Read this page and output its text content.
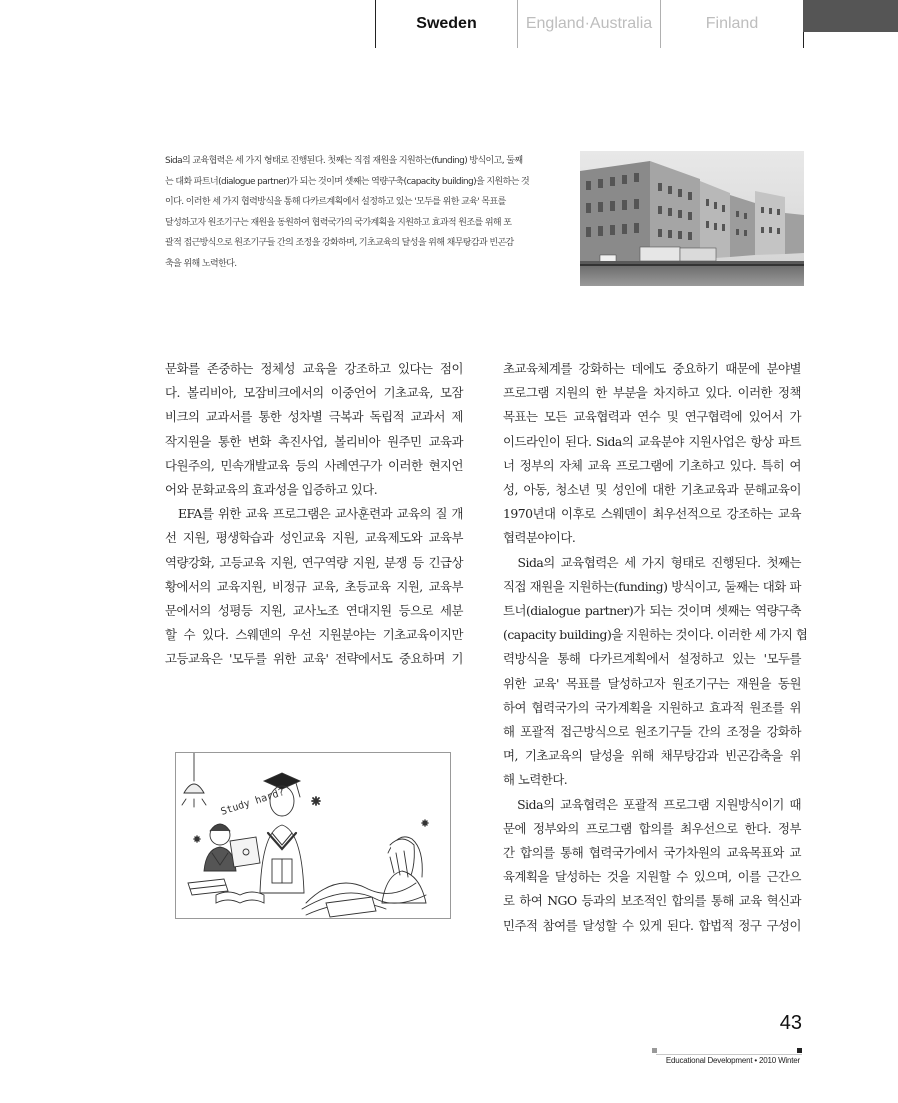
Sweden	England·Australia	Finland
Sida의 교육협력은 세 가지 형태로 진행된다. 첫째는 직접 재원을 지원하는(funding) 방식이고, 둘째
는 대화 파트너(dialogue partner)가 되는 것이며 셋째는 역량구축(capacity building)을 지원하는 것
이다. 이러한 세 가지 협력방식을 통해 다카르계획에서 설정하고 있는 '모두를 위한 교육' 목표를
달성하고자 원조기구는 재원을 동원하여 협력국가의 국가계획을 지원하고 효과적 원조를 위해 포
괄적 접근방식으로 원조기구들 간의 조정을 강화하며, 기초교육의 달성을 위해 채무탕감과 빈곤감
축을 위해 노력한다.
문화를 존중하는 정체성 교육을 강조하고 있다는 점이
다. 볼리비아, 모잠비크에서의 이중언어 기초교육, 모잠
비크의 교과서를 통한 성차별 극복과 독립적 교과서 제
작지원을 통한 변화 촉진사업, 볼리비아 원주민 교육과
다원주의, 민속개발교육 등의 사례연구가 이러한 현지언
어와 문화교육의 효과성을 입증하고 있다.
　EFA를 위한 교육 프로그램은 교사훈련과 교육의 질 개
선 지원, 평생학습과 성인교육 지원, 교육제도와 교육부
역량강화, 고등교육 지원, 연구역량 지원, 분쟁 등 긴급상
황에서의 교육지원, 비정규 교육, 초등교육 지원, 교육부
문에서의 성평등 지원, 교사노조 연대지원 등으로 세분
할 수 있다. 스웨덴의 우선 지원분야는 기초교육이지만
고등교육은 '모두를 위한 교육' 전략에서도 중요하며 기
초교육체계를 강화하는 데에도 중요하기 때문에 분야별
프로그램 지원의 한 부분을 차지하고 있다. 이러한 정책
목표는 모든 교육협력과 연수 및 연구협력에 있어서 가
이드라인이 된다. Sida의 교육분야 지원사업은 항상 파트
너 정부의 자체 교육 프로그램에 기초하고 있다. 특히 여
성, 아동, 청소년 및 성인에 대한 기초교육과 문해교육이
1970년대 이후로 스웨덴이 최우선적으로 강조하는 교육
협력분야이다.
　Sida의 교육협력은 세 가지 형태로 진행된다. 첫째는
직접 재원을 지원하는(funding) 방식이고, 둘째는 대화 파
트너(dialogue partner)가 되는 것이며 셋째는 역량구축
(capacity building)을 지원하는 것이다. 이러한 세 가지 협
력방식을 통해 다카르계획에서 설정하고 있는 '모두를
위한 교육' 목표를 달성하고자 원조기구는 재원을 동원
하여 협력국가의 국가계획을 지원하고 효과적 원조를 위
해 포괄적 접근방식으로 원조기구들 간의 조정을 강화하
며, 기초교육의 달성을 위해 채무탕감과 빈곤감축을 위
해 노력한다.
　Sida의 교육협력은 포괄적 프로그램 지원방식이기 때
문에 정부와의 프로그램 합의를 최우선으로 한다. 정부
간 합의를 통해 협력국가에서 국가차원의 교육목표와 교
육계획을 달성하는 것을 지원할 수 있으며, 이를 근간으
로 하여 NGO 등과의 보조적인 합의를 통해 교육 혁신과
민주적 참여를 달성할 수 있게 된다. 합법적 정구 구성이
Study hard?
43
Educational Development • 2010 Winter
